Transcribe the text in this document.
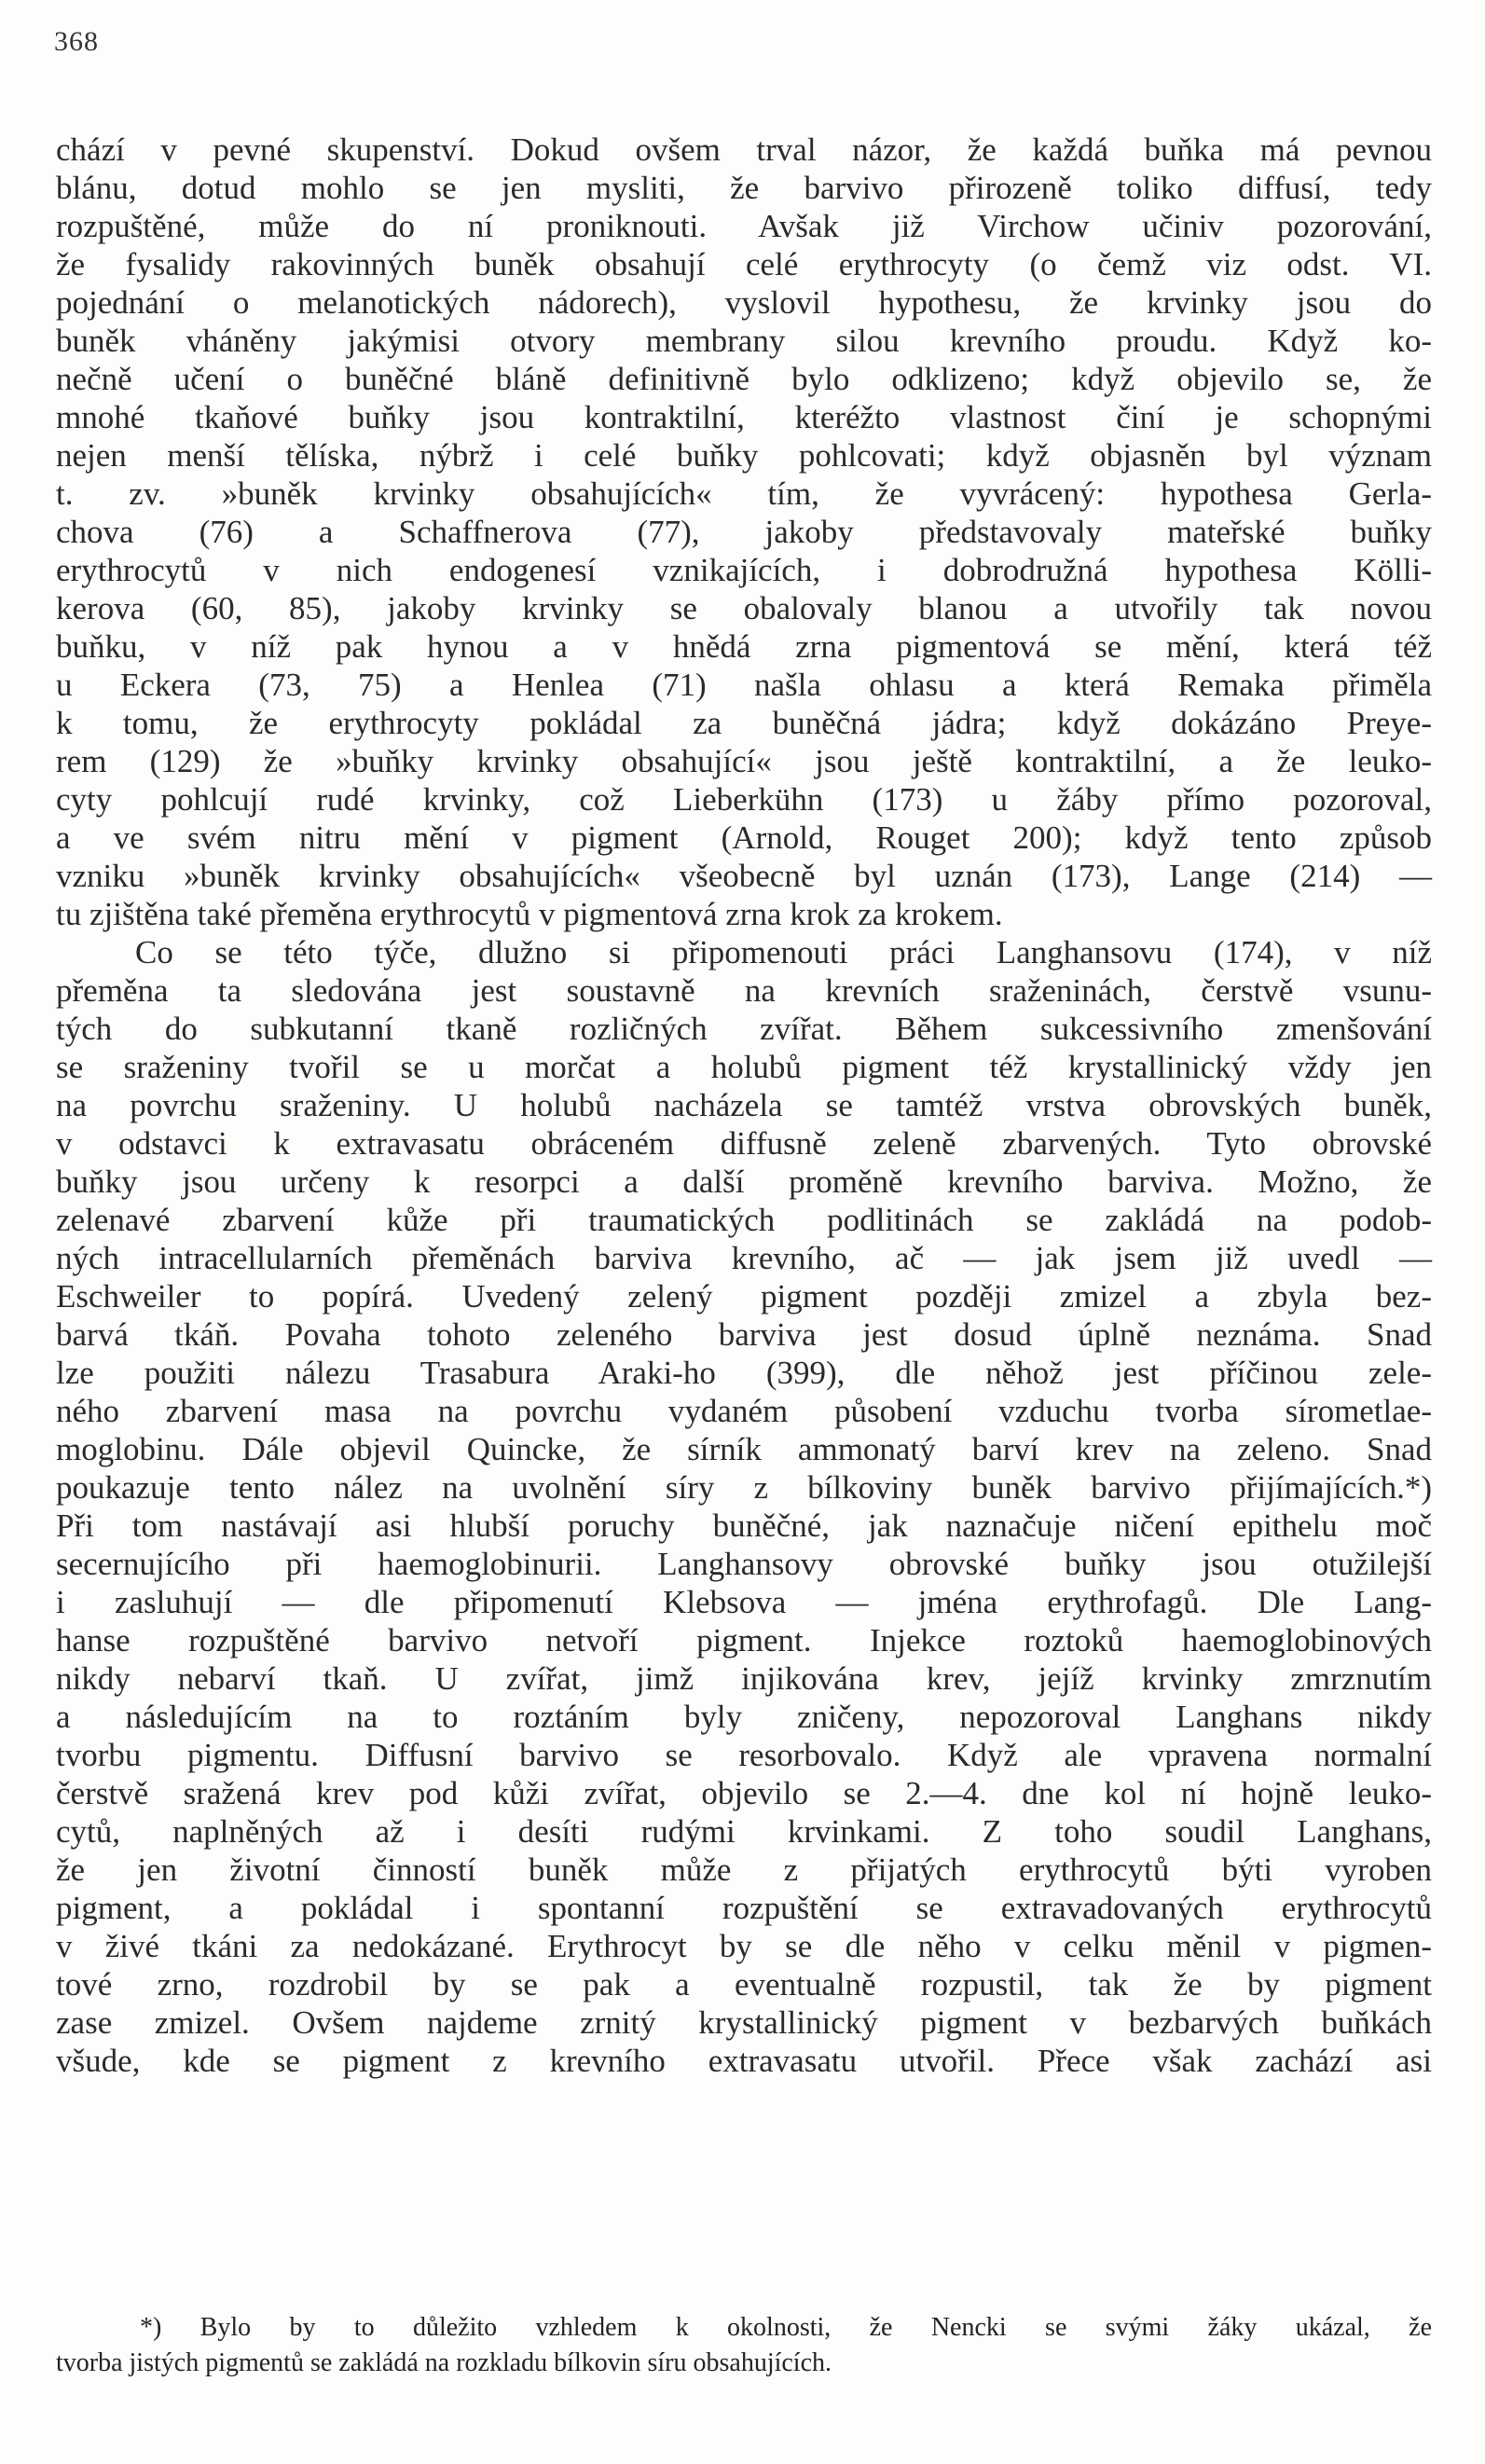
368
chází v pevné skupenství. Dokud ovšem trval názor, že každá buňka má pevnou
blánu, dotud mohlo se jen mysliti, že barvivo přirozeně toliko diffusí, tedy
rozpuštěné, může do ní proniknouti. Avšak již Virchow učiniv pozorování,
že fysalidy rakovinných buněk obsahují celé erythrocyty (o čemž viz odst. VI.
pojednání o melanotických nádorech), vyslovil hypothesu, že krvinky jsou do
buněk vháněny jakýmisi otvory membrany silou krevního proudu. Když ko-
nečně učení o buněčné bláně definitivně bylo odklizeno; když objevilo se, že
mnohé tkaňové buňky jsou kontraktilní, kteréžto vlastnost činí je schopnými
nejen menší tělíska, nýbrž i celé buňky pohlcovati; když objasněn byl význam
t. zv. »buněk krvinky obsahujících« tím, že vyvrácený: hypothesa Gerla-
chova (76) a Schaffnerova (77), jakoby představovaly mateřské buňky
erythrocytů v nich endogenesí vznikajících, i dobrodružná hypothesa Kölli-
kerova (60, 85), jakoby krvinky se obalovaly blanou a utvořily tak novou
buňku, v níž pak hynou a v hnědá zrna pigmentová se mění, která též
u Eckera (73, 75) a Henlea (71) našla ohlasu a která Remaka přiměla
k tomu, že erythrocyty pokládal za buněčná jádra; když dokázáno Preye-
rem (129) že »buňky krvinky obsahující« jsou ještě kontraktilní, a že leuko-
cyty pohlcují rudé krvinky, což Lieberkühn (173) u žáby přímo pozoroval,
a ve svém nitru mění v pigment (Arnold, Rouget 200); když tento způsob
vzniku »buněk krvinky obsahujících« všeobecně byl uznán (173), Lange (214) —
tu zjištěna také přeměna erythrocytů v pigmentová zrna krok za krokem.
Co se této týče, dlužno si připomenouti práci Langhansovu (174), v níž
přeměna ta sledována jest soustavně na krevních sraženinách, čerstvě vsunu-
tých do subkutanní tkaně rozličných zvířat. Během sukcessivního zmenšování
se sraženiny tvořil se u morčat a holubů pigment též krystallinický vždy jen
na povrchu sraženiny. U holubů nacházela se tamtéž vrstva obrovských buněk,
v odstavci k extravasatu obráceném diffusně zeleně zbarvených. Tyto obrovské
buňky jsou určeny k resorpci a další proměně krevního barviva. Možno, že
zelenavé zbarvení kůže při traumatických podlitinách se zakládá na podob-
ných intracellularních přeměnách barviva krevního, ač — jak jsem již uvedl —
Eschweiler to popírá. Uvedený zelený pigment později zmizel a zbyla bez-
barvá tkáň. Povaha tohoto zeleného barviva jest dosud úplně neznáma. Snad
lze použiti nálezu Trasabura Araki-ho (399), dle něhož jest příčinou zele-
ného zbarvení masa na povrchu vydaném působení vzduchu tvorba sírometlae-
moglobinu. Dále objevil Quincke, že sírník ammonatý barví krev na zeleno. Snad
poukazuje tento nález na uvolnění síry z bílkoviny buněk barvivo přijímajících.*)
Při tom nastávají asi hlubší poruchy buněčné, jak naznačuje ničení epithelu moč
secernujícího při haemoglobinurii. Langhansovy obrovské buňky jsou otužilejší
i zasluhují — dle připomenutí Klebsova — jména erythrofagů. Dle Lang-
hanse rozpuštěné barvivo netvoří pigment. Injekce roztoků haemoglobinových
nikdy nebarví tkaň. U zvířat, jimž injikována krev, jejíž krvinky zmrznutím
a následujícím na to roztáním byly zničeny, nepozoroval Langhans nikdy
tvorbu pigmentu. Diffusní barvivo se resorbovalo. Když ale vpravena normalní
čerstvě sražená krev pod kůži zvířat, objevilo se 2.—4. dne kol ní hojně leuko-
cytů, naplněných až i desíti rudými krvinkami. Z toho soudil Langhans,
že jen životní činností buněk může z přijatých erythrocytů býti vyroben
pigment, a pokládal i spontanní rozpuštění se extravadovaných erythrocytů
v živé tkáni za nedokázané. Erythrocyt by se dle něho v celku měnil v pigmen-
tové zrno, rozdrobil by se pak a eventualně rozpustil, tak že by pigment
zase zmizel. Ovšem najdeme zrnitý krystallinický pigment v bezbarvých buňkách
všude, kde se pigment z krevního extravasatu utvořil. Přece však zachází asi
*) Bylo by to důležito vzhledem k okolnosti, že Nencki se svými žáky ukázal, že
tvorba jistých pigmentů se zakládá na rozkladu bílkovin síru obsahujících.
